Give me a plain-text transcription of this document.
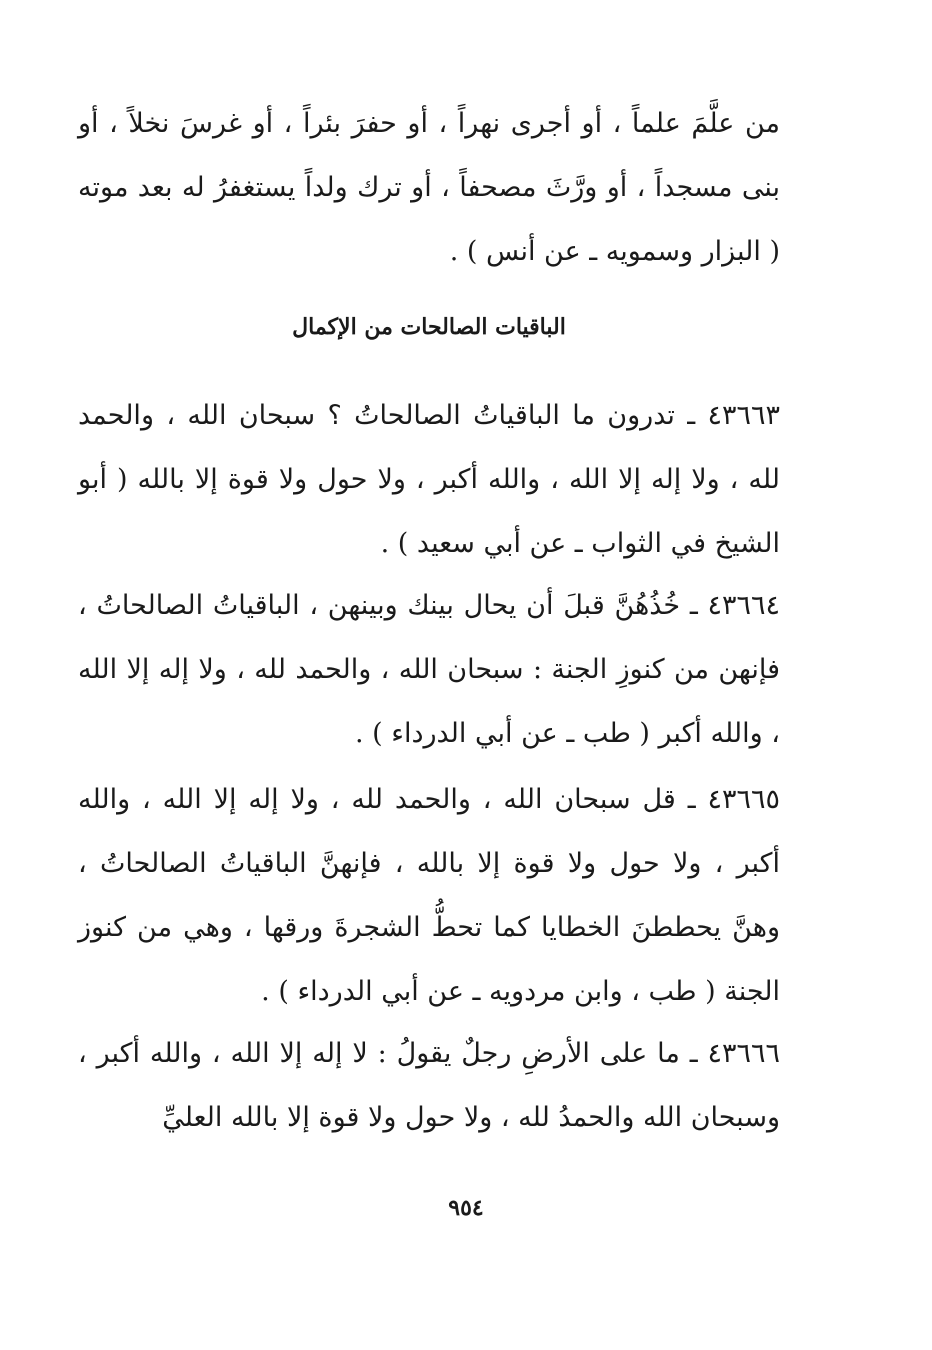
من علَّمَ علماً ، أو أجرى نهراً ، أو حفرَ بئراً ، أو غرسَ نخلاً ، أو بنى مسجداً ، أو ورَّثَ مصحفاً ، أو ترك ولداً يستغفرُ له بعد موته ( البزار وسمويه ـ عن أنس ) .

الباقيات الصالحات من الإكمال

٤٣٦٦٣ ـ تدرون ما الباقياتُ الصالحاتُ ؟ سبحان الله ، والحمد لله ، ولا إله إلا الله ، والله أكبر ، ولا حول ولا قوة إلا بالله ( أبو الشيخ في الثواب ـ عن أبي سعيد ) .

٤٣٦٦٤ ـ خُذُهُنَّ قبلَ أن يحال بينك وبينهن ، الباقياتُ الصالحاتُ ، فإنهن من كنوزِ الجنة : سبحان الله ، والحمد لله ، ولا إله إلا الله ، والله أكبر ( طب ـ عن أبي الدرداء ) .

٤٣٦٦٥ ـ قل سبحان الله ، والحمد لله ، ولا إله إلا الله ، والله أكبر ، ولا حول ولا قوة إلا بالله ، فإنهنَّ الباقياتُ الصالحاتُ ، وهنَّ يحططنَ الخطايا كما تحطُّ الشجرةَ ورقها ، وهي من كنوز الجنة ( طب ، وابن مردويه ـ عن أبي الدرداء ) .

٤٣٦٦٦ ـ ما على الأرضِ رجلٌ يقولُ : لا إله إلا الله ، والله أكبر ، وسبحان الله والحمدُ لله ، ولا حول ولا قوة إلا بالله العليِّ

٩٥٤
